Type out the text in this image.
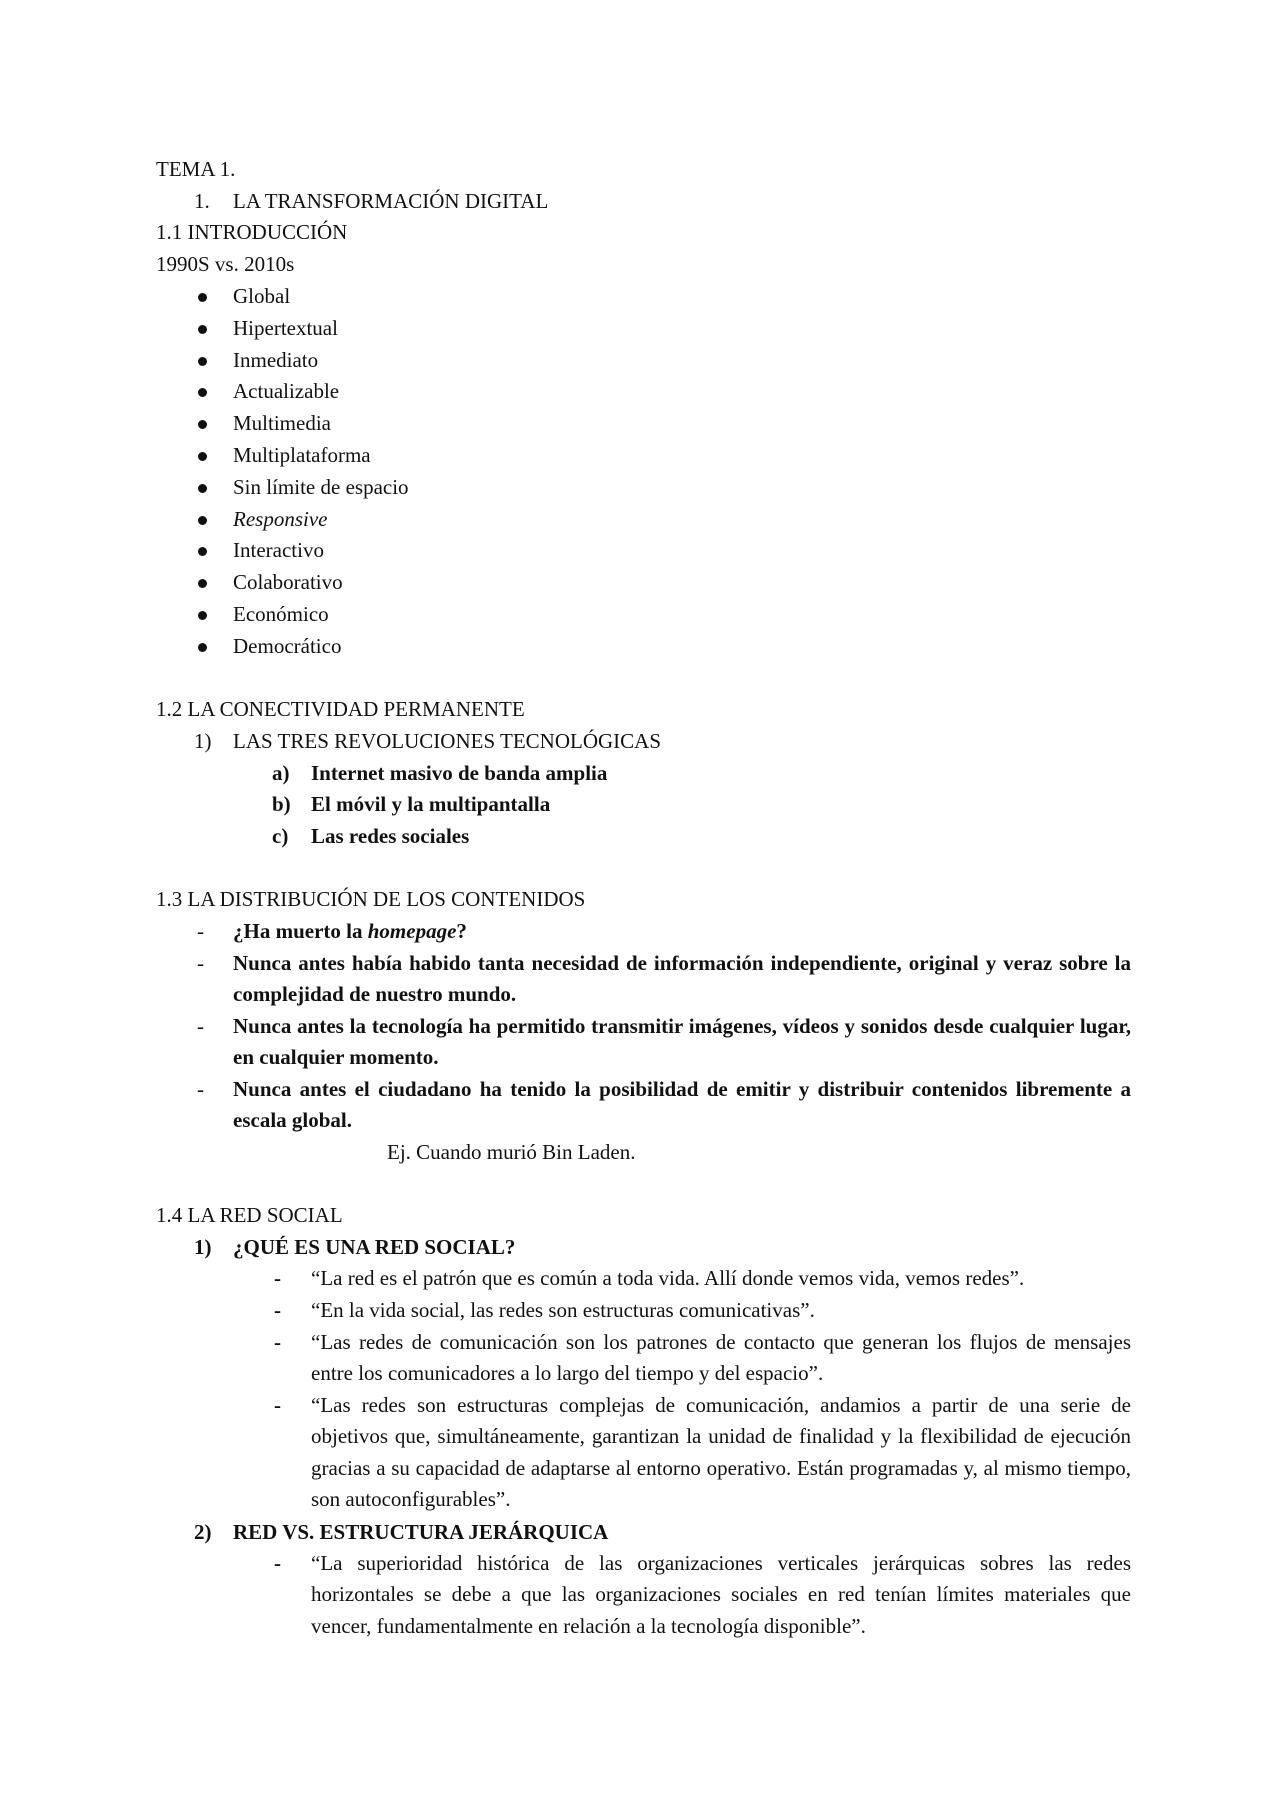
TEMA 1.
1. LA TRANSFORMACIÓN DIGITAL
1.1 INTRODUCCIÓN
1990S vs. 2010s
Global
Hipertextual
Inmediato
Actualizable
Multimedia
Multiplataforma
Sin límite de espacio
Responsive
Interactivo
Colaborativo
Económico
Democrático
1.2 LA CONECTIVIDAD PERMANENTE
1) LAS TRES REVOLUCIONES TECNOLÓGICAS
a) Internet masivo de banda amplia
b) El móvil y la multipantalla
c) Las redes sociales
1.3 LA DISTRIBUCIÓN DE LOS CONTENIDOS
- ¿Ha muerto la homepage?
- Nunca antes había habido tanta necesidad de información independiente, original y veraz sobre la complejidad de nuestro mundo.
- Nunca antes la tecnología ha permitido transmitir imágenes, vídeos y sonidos desde cualquier lugar, en cualquier momento.
- Nunca antes el ciudadano ha tenido la posibilidad de emitir y distribuir contenidos libremente a escala global.
Ej. Cuando murió Bin Laden.
1.4 LA RED SOCIAL
1) ¿QUÉ ES UNA RED SOCIAL?
- “La red es el patrón que es común a toda vida. Allí donde vemos vida, vemos redes”.
- “En la vida social, las redes son estructuras comunicativas”.
- “Las redes de comunicación son los patrones de contacto que generan los flujos de mensajes entre los comunicadores a lo largo del tiempo y del espacio”.
- “Las redes son estructuras complejas de comunicación, andamios a partir de una serie de objetivos que, simultáneamente, garantizan la unidad de finalidad y la flexibilidad de ejecución gracias a su capacidad de adaptarse al entorno operativo. Están programadas y, al mismo tiempo, son autoconfigurables”.
2) RED VS. ESTRUCTURA JERÁRQUICA
- “La superioridad histórica de las organizaciones verticales jerárquicas sobres las redes horizontales se debe a que las organizaciones sociales en red tenían límites materiales que vencer, fundamentalmente en relación a la tecnología disponible”.
